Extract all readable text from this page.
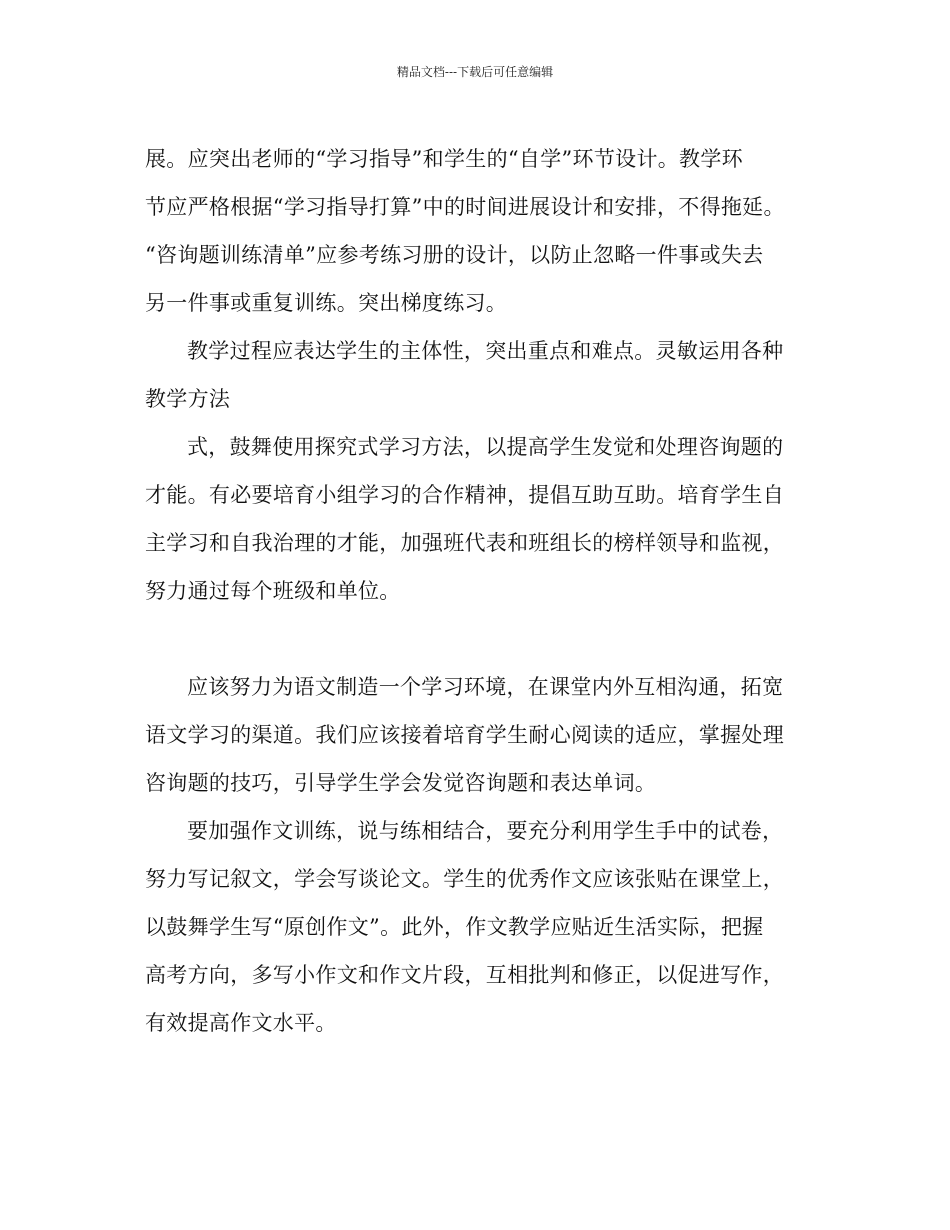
精品文档---下载后可任意编辑
展。应突出老师的“学习指导”和学生的“自学”环节设计。教学环
节应严格根据“学习指导打算”中的时间进展设计和安排，不得拖延。
“咨询题训练清单”应参考练习册的设计，以防止忽略一件事或失去
另一件事或重复训练。突出梯度练习。
教学过程应表达学生的主体性，突出重点和难点。灵敏运用各种
教学方法
式，鼓舞使用探究式学习方法，以提高学生发觉和处理咨询题的
才能。有必要培育小组学习的合作精神，提倡互助互助。培育学生自
主学习和自我治理的才能，加强班代表和班组长的榜样领导和监视，
努力通过每个班级和单位。
应该努力为语文制造一个学习环境，在课堂内外互相沟通，拓宽
语文学习的渠道。我们应该接着培育学生耐心阅读的适应，掌握处理
咨询题的技巧，引导学生学会发觉咨询题和表达单词。
要加强作文训练，说与练相结合，要充分利用学生手中的试卷，
努力写记叙文，学会写谈论文。学生的优秀作文应该张贴在课堂上，
以鼓舞学生写“原创作文”。此外，作文教学应贴近生活实际，把握
高考方向，多写小作文和作文片段，互相批判和修正，以促进写作，
有效提高作文水平。
